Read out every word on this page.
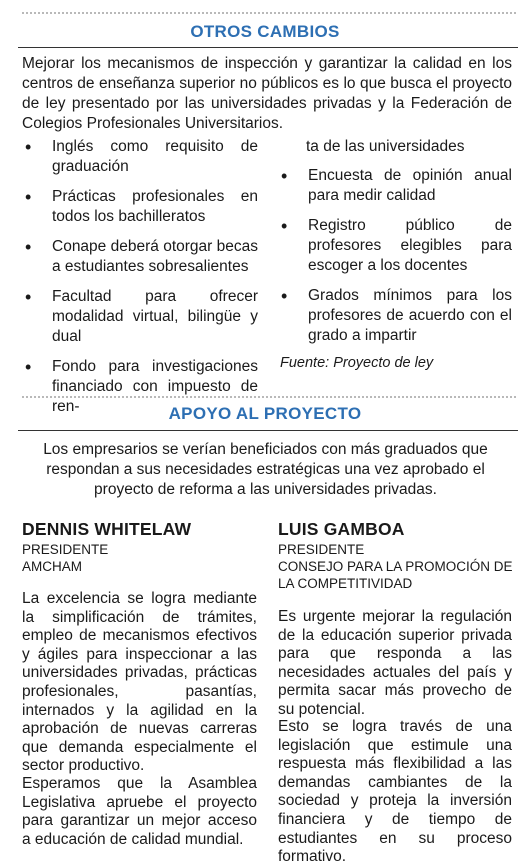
OTROS CAMBIOS
Mejorar los mecanismos de inspección y garantizar la calidad en los centros de enseñanza superior no públicos es lo que busca el proyecto de ley presentado por las universidades privadas y la Federación de Colegios Profesionales Universitarios.
• Inglés como requisito de graduación
• Prácticas profesionales en todos los bachilleratos
• Conape deberá otorgar becas a estudiantes sobresalientes
• Facultad para ofrecer modalidad virtual, bilingüe y dual
• Fondo para investigaciones financiado con impuesto de ren-
ta de las universidades
• Encuesta de opinión anual para medir calidad
• Registro público de profesores elegibles para escoger a los docentes
• Grados mínimos para los profesores de acuerdo con el grado a impartir
Fuente: Proyecto de ley
APOYO AL PROYECTO
Los empresarios se verían beneficiados con más graduados que respondan a sus necesidades estratégicas una vez aprobado el proyecto de reforma a las universidades privadas.
DENNIS WHITELAW
PRESIDENTE
AMCHAM
La excelencia se logra mediante la simplificación de trámites, empleo de mecanismos efectivos y ágiles para inspeccionar a las universidades privadas, prácticas profesionales, pasantías, internados y la agilidad en la aprobación de nuevas carreras que demanda especialmente el sector productivo.
Esperamos que la Asamblea Legislativa apruebe el proyecto para garantizar un mejor acceso a educación de calidad mundial.
LUIS GAMBOA
PRESIDENTE
CONSEJO PARA LA PROMOCIÓN DE LA COMPETITIVIDAD
Es urgente mejorar la regulación de la educación superior privada para que responda a las necesidades actuales del país y permita sacar más provecho de su potencial.
Esto se logra través de una legislación que estimule una respuesta más flexibilidad a las demandas cambiantes de la sociedad y proteja la inversión financiera y de tiempo de estudiantes en su proceso formativo.
